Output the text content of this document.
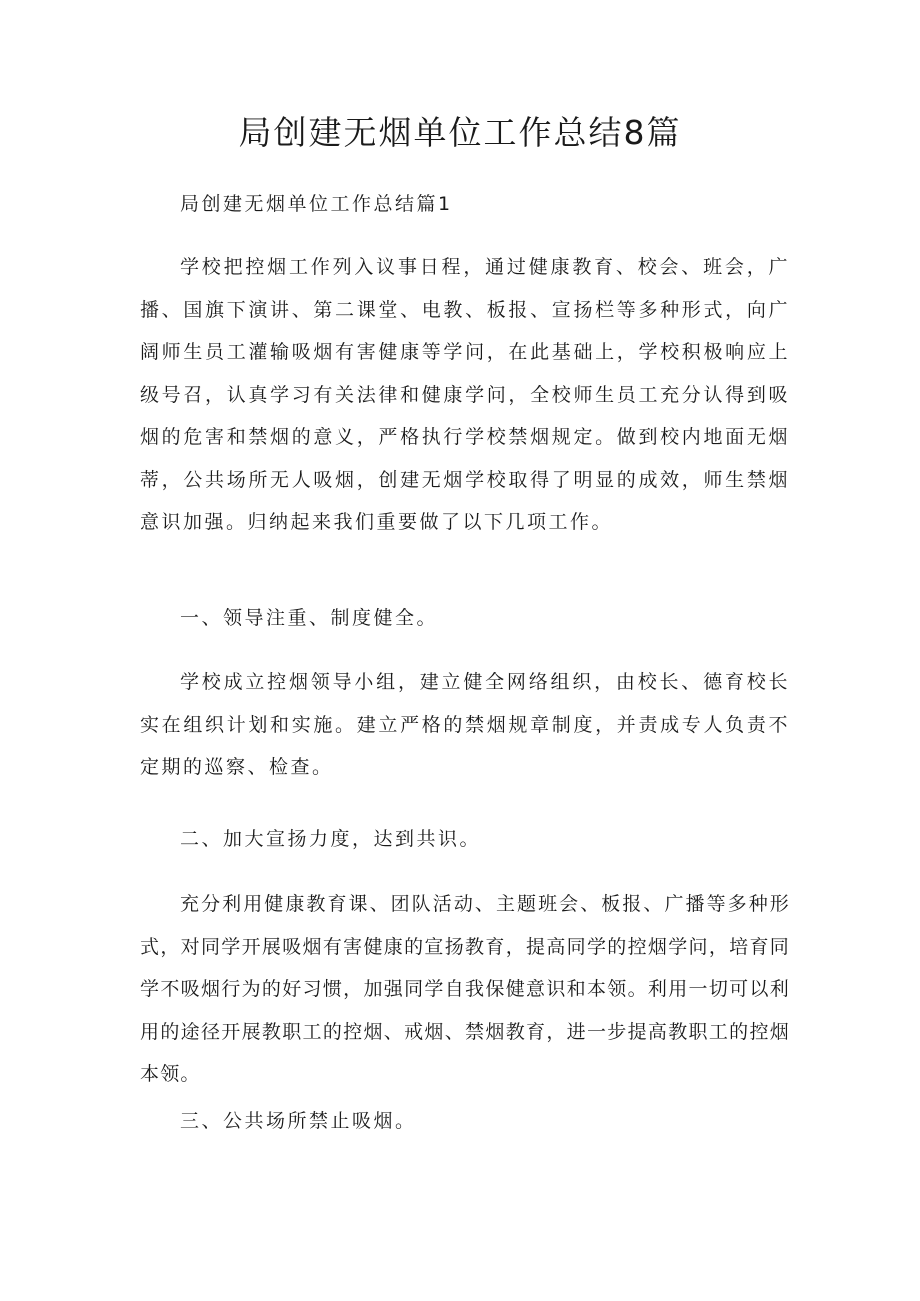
局创建无烟单位工作总结8篇

局创建无烟单位工作总结篇1

学校把控烟工作列入议事日程，通过健康教育、校会、班会，广播、国旗下演讲、第二课堂、电教、板报、宣扬栏等多种形式，向广阔师生员工灌输吸烟有害健康等学问，在此基础上，学校积极响应上级号召，认真学习有关法律和健康学问，全校师生员工充分认得到吸烟的危害和禁烟的意义，严格执行学校禁烟规定。做到校内地面无烟蒂，公共场所无人吸烟，创建无烟学校取得了明显的成效，师生禁烟意识加强。归纳起来我们重要做了以下几项工作。

一、领导注重、制度健全。

学校成立控烟领导小组，建立健全网络组织，由校长、德育校长实在组织计划和实施。建立严格的禁烟规章制度，并责成专人负责不定期的巡察、检查。

二、加大宣扬力度，达到共识。

充分利用健康教育课、团队活动、主题班会、板报、广播等多种形式，对同学开展吸烟有害健康的宣扬教育，提高同学的控烟学问，培育同学不吸烟行为的好习惯，加强同学自我保健意识和本领。利用一切可以利用的途径开展教职工的控烟、戒烟、禁烟教育，进一步提高教职工的控烟本领。

三、公共场所禁止吸烟。
